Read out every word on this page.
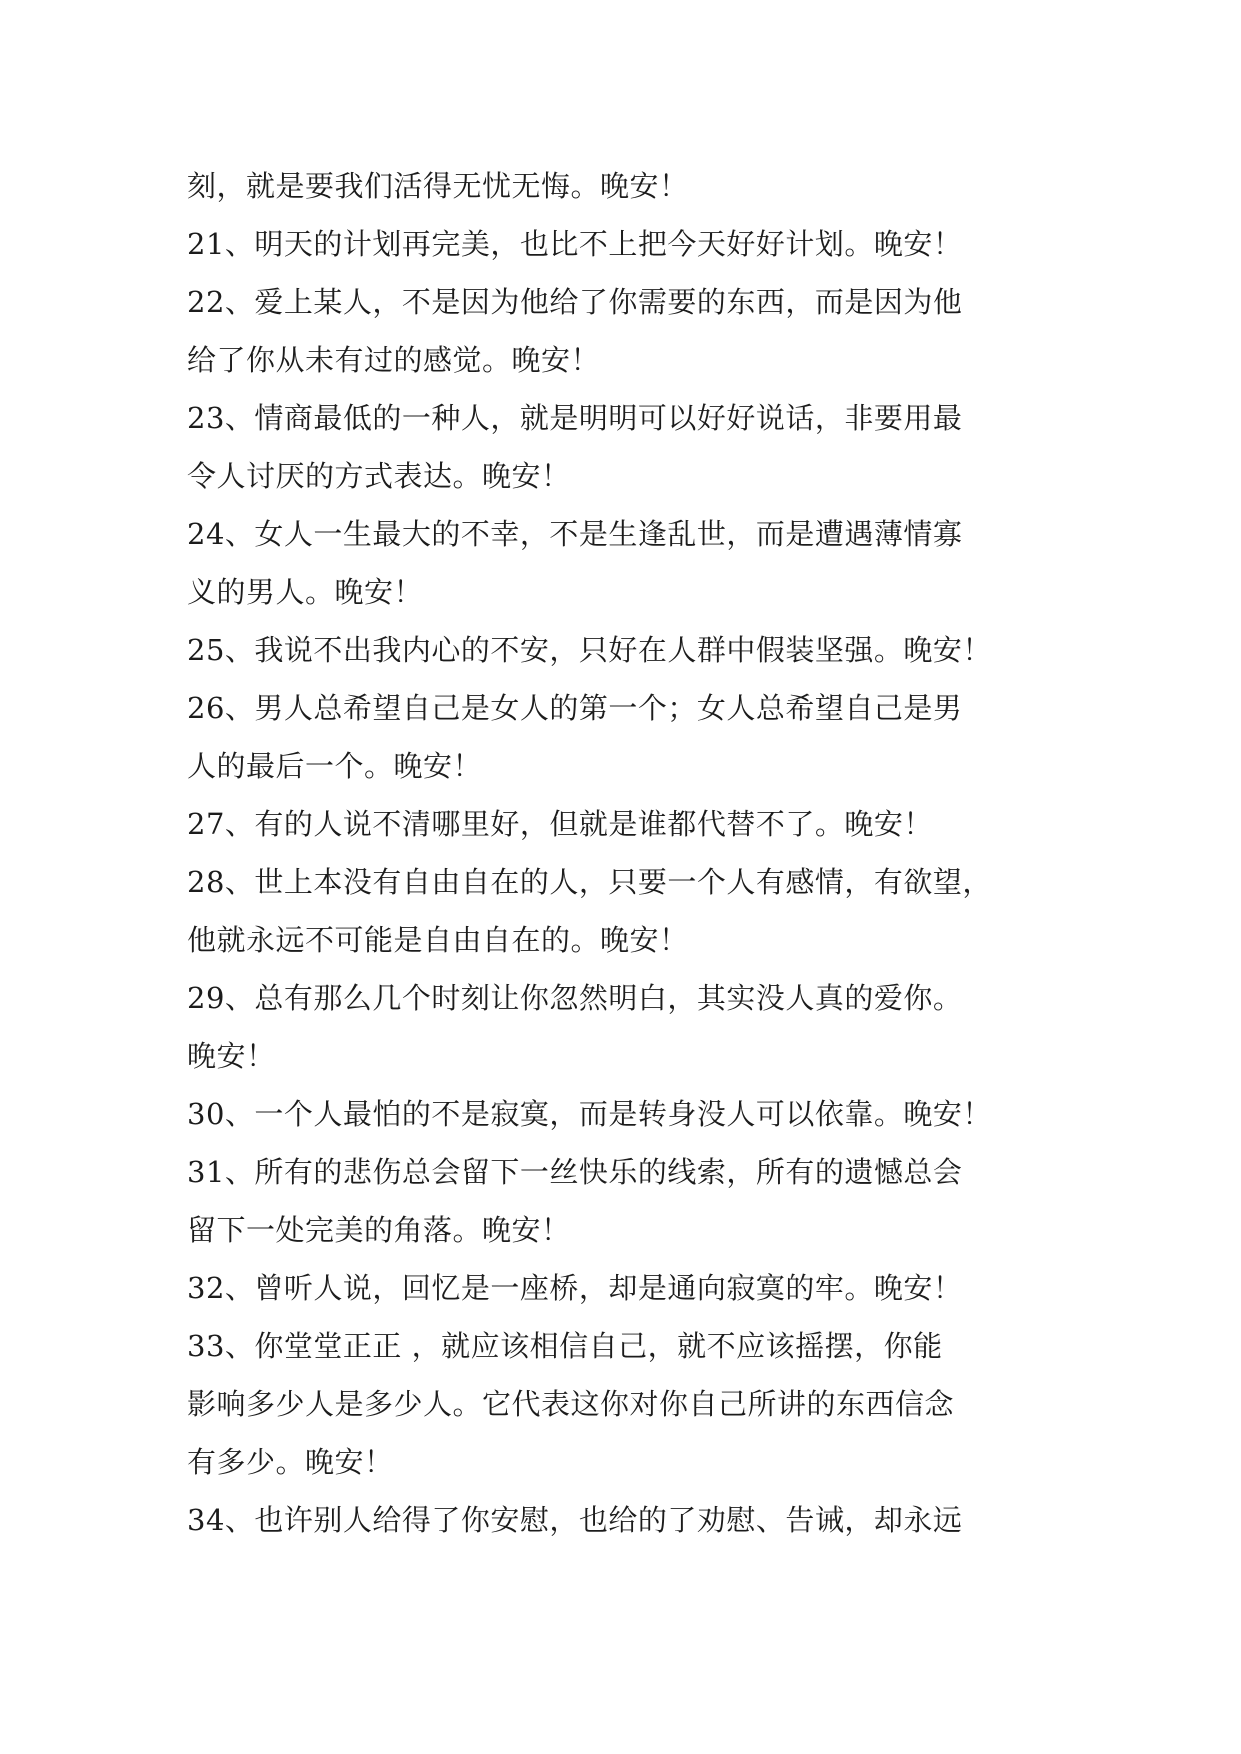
刻，就是要我们活得无忧无悔。晚安！
21、明天的计划再完美，也比不上把今天好好计划。晚安！
22、爱上某人，不是因为他给了你需要的东西，而是因为他
给了你从未有过的感觉。晚安！
23、情商最低的一种人，就是明明可以好好说话，非要用最
令人讨厌的方式表达。晚安！
24、女人一生最大的不幸，不是生逢乱世，而是遭遇薄情寡
义的男人。晚安！
25、我说不出我内心的不安，只好在人群中假装坚强。晚安！
26、男人总希望自己是女人的第一个；女人总希望自己是男
人的最后一个。晚安！
27、有的人说不清哪里好，但就是谁都代替不了。晚安！
28、世上本没有自由自在的人，只要一个人有感情，有欲望，
他就永远不可能是自由自在的。晚安！
29、总有那么几个时刻让你忽然明白，其实没人真的爱你。
晚安！
30、一个人最怕的不是寂寞，而是转身没人可以依靠。晚安！
31、所有的悲伤总会留下一丝快乐的线索，所有的遗憾总会
留下一处完美的角落。晚安！
32、曾听人说，回忆是一座桥，却是通向寂寞的牢。晚安！
33、你堂堂正正 ，就应该相信自己，就不应该摇摆，你能
影响多少人是多少人。它代表这你对你自己所讲的东西信念
有多少。晚安！
34、也许别人给得了你安慰，也给的了劝慰、告诫，却永远
